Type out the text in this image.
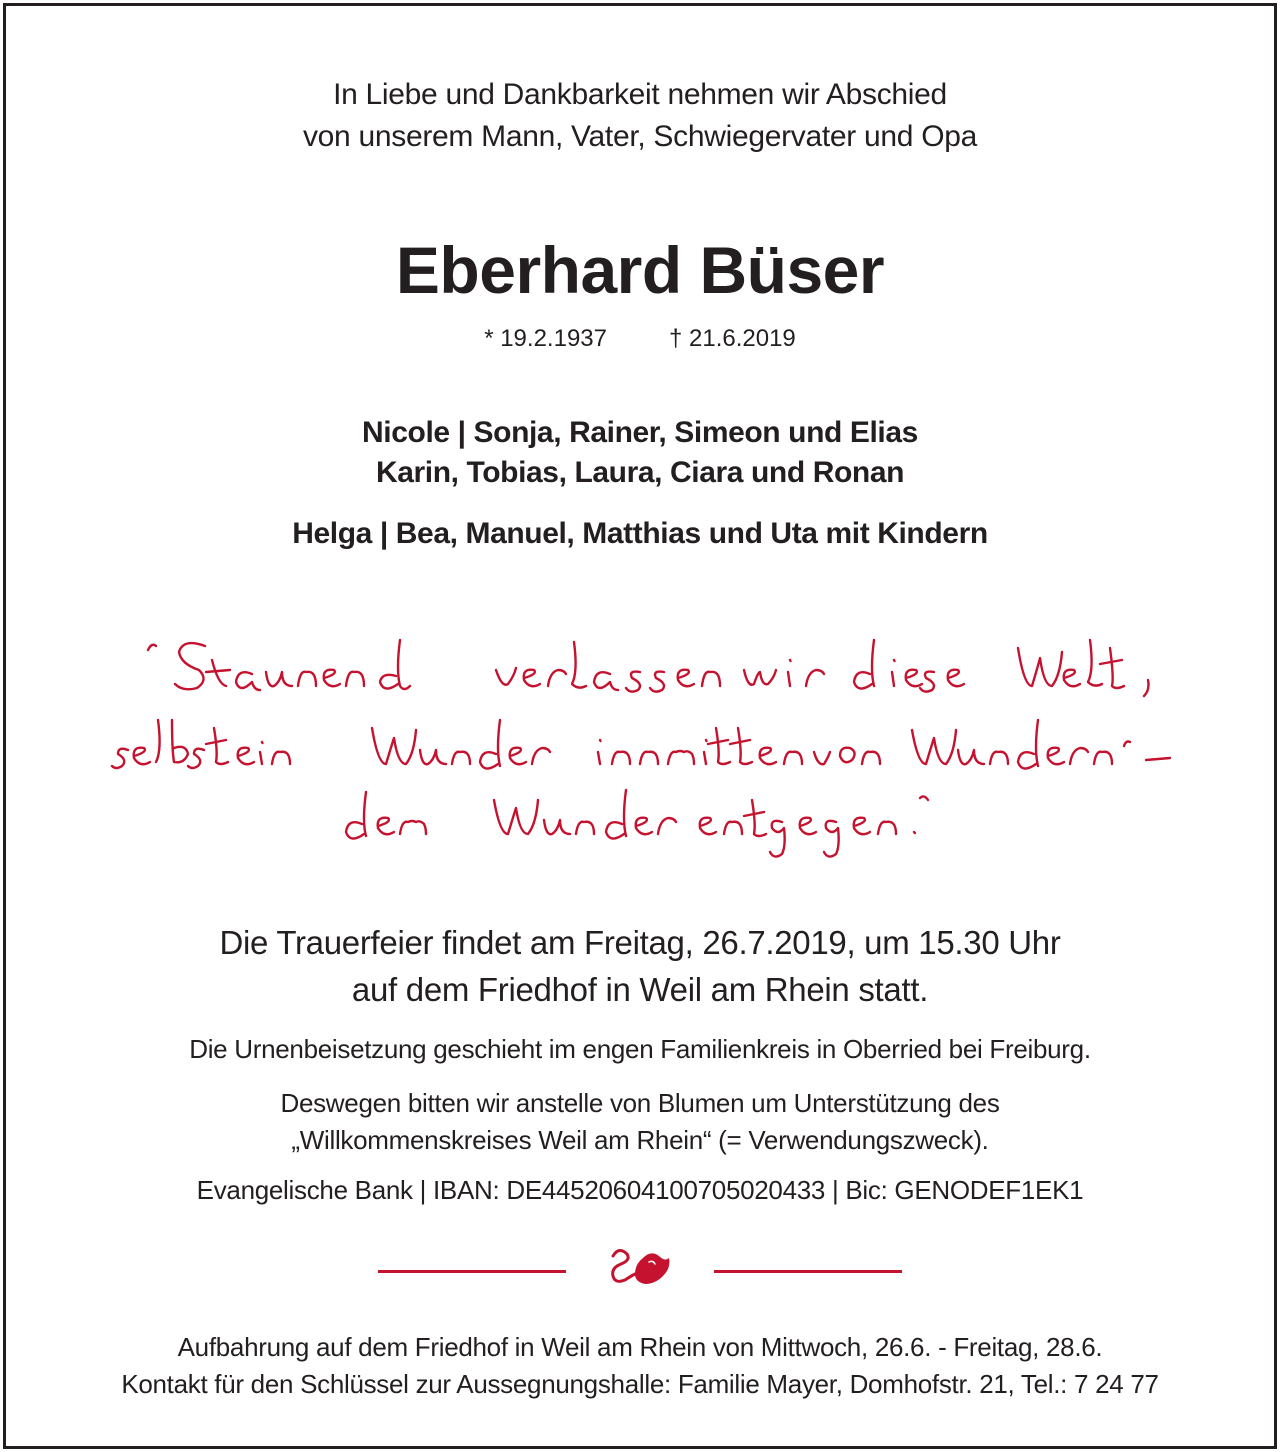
In Liebe und Dankbarkeit nehmen wir Abschied
von unserem Mann, Vater, Schwiegervater und Opa
Eberhard Büser
* 19.2.1937	† 21.6.2019
Nicole | Sonja, Rainer, Simeon und Elias
Karin, Tobias, Laura, Ciara und Ronan
Helga | Bea, Manuel, Matthias und Uta mit Kindern
Die Trauerfeier findet am Freitag, 26.7.2019, um 15.30 Uhr
auf dem Friedhof in Weil am Rhein statt.
Die Urnenbeisetzung geschieht im engen Familienkreis in Oberried bei Freiburg.
Deswegen bitten wir anstelle von Blumen um Unterstützung des
„Willkommenskreises Weil am Rhein“ (= Verwendungszweck).
Evangelische Bank | IBAN: DE44520604100705020433 | Bic: GENODEF1EK1
Aufbahrung auf dem Friedhof in Weil am Rhein von Mittwoch, 26.6. - Freitag, 28.6.
Kontakt für den Schlüssel zur Aussegnungshalle: Familie Mayer, Domhofstr. 21, Tel.: 7 24 77
